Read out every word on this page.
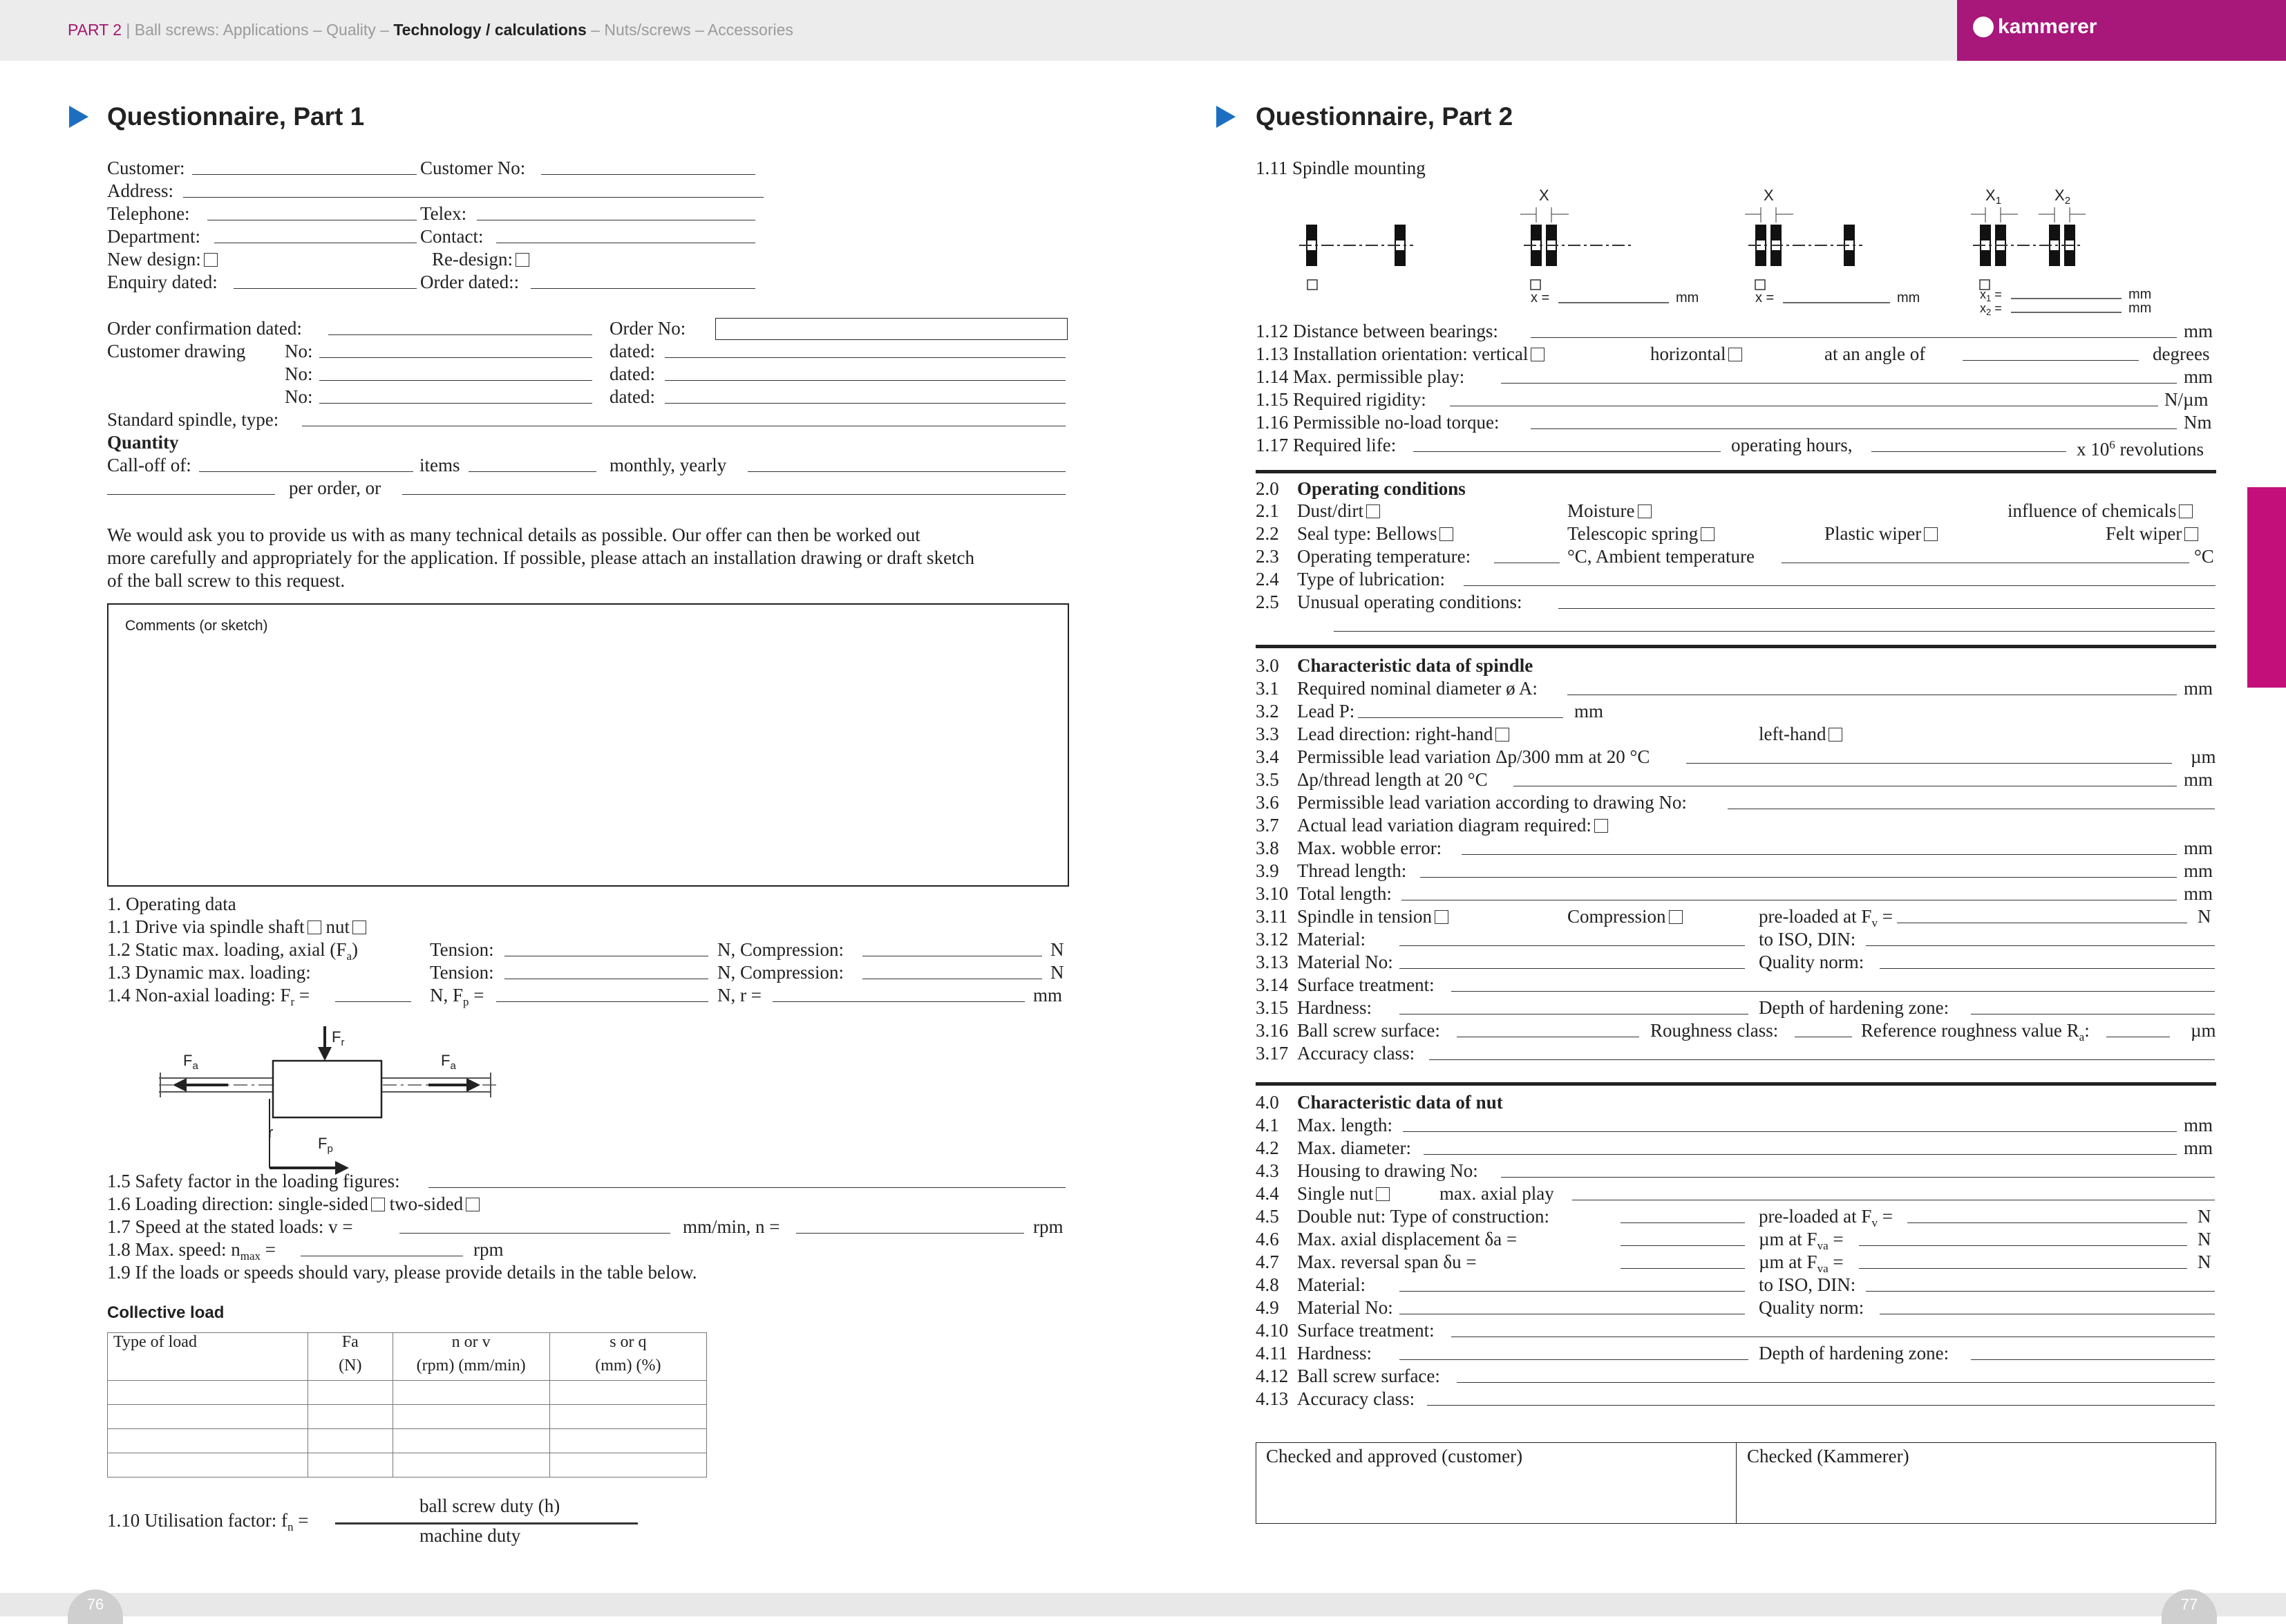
PART 2 | Ball screws: Applications – Quality – Technology / calculations – Nuts/screws – Accessories	kammerer
76	77
Questionnaire, Part 1
Customer:	Customer No:
Address:
Telephone:	Telex:
Department:	Contact:
New design:	Re-design:
Enquiry dated:	Order dated::
Order confirmation dated:	Order No:
Customer drawing No:	dated:
No:	dated:
No:	dated:
Standard spindle, type:
Quantity
Call-off of:	items	monthly, yearly
per order, or
We would ask you to provide us with as many technical details as possible. Our offer can then be worked out
more carefully and appropriately for the application. If possible, please attach an installation drawing or draft sketch
of the ball screw to this request.
Comments (or sketch)
1. Operating data
1.1 Drive via spindle shaft nut
1.2 Static max. loading, axial $(F_a)$	Tension:	N, Compression:	N
1.3 Dynamic max. loading:	Tension:	N, Compression:	N
1.4 Non-axial loading: $F_r$ =	N, $F_p$ =	N, r =	mm
$F_a$	$F_a$
$F_r$
r
$F_p$
1.5 Safety factor in the loading figures:
1.6 Loading direction: single-sided two-sided
1.7 Speed at the stated loads: v =	mm/min, n =	rpm
1.8 Max. speed: $n_{max}$ =	rpm
1.9 If the loads or speeds should vary, please provide details in the table below.
Collective load
Type of load	Fa	n or v	s or q
	(N)	(rpm) (mm/min)	(mm) (%)

1.10 Utilisation factor: $f_n$ =
ball screw duty (h)
machine duty
Questionnaire, Part 2
1.11 Spindle mounting
X
x =	mm
X
x =	mm
$X_1$	$X_2$
$x_1$ =
$x_2$ =
mm
mm
1.12 Distance between bearings:	mm
1.13 Installation orientation: vertical	horizontal	at an angle of	degrees
1.14 Max. permissible play:	mm
1.15 Required rigidity:	N/µm
1.16 Permissible no-load torque:	Nm
1.17 Required life:	operating hours,	x $10^6$ revolutions
2.0 Operating conditions
2.1 Dust/dirt	Moisture	influence of chemicals
2.2 Seal type: Bellows	Telescopic spring	Plastic wiper	Felt wiper
2.3 Operating temperature:	°C, Ambient temperature	°C
2.4 Type of lubrication:
2.5 Unusual operating conditions:
3.0 Characteristic data of spindle
4.0 Characteristic data of nut
Checked and approved (customer)	Checked (Kammerer)
3.1 Required nominal diameter ø A:	mm
3.2 Lead P:	mm
3.3 Lead direction: right-hand	left-hand
3.4 Permissible lead variation Δp/300 mm at 20 °C	µm
3.5 Δp/thread length at 20 °C	mm
3.6 Permissible lead variation according to drawing No:
3.7 Actual lead variation diagram required:
3.8 Max. wobble error:	mm
3.9 Thread length:	mm
3.10 Total length:	mm
3.11 Spindle in tension	Compression	pre-loaded at $F_v$ =	N
3.12 Material:	to ISO, DIN:
3.13 Material No:	Quality norm:
3.14 Surface treatment:
3.15 Hardness:	Depth of hardening zone:
3.16 Ball screw surface:	Roughness class:	Reference roughness value $R_a$:	µm
3.17 Accuracy class:
4.1 Max. length:	mm
4.2 Max. diameter:	mm
4.3 Housing to drawing No:
4.4 Single nut	max. axial play
4.5 Double nut: Type of construction:	pre-loaded at $F_v$ =	N
4.6 Max. axial displacement δa =	µm at $F_{va}$ =	N
4.7 Max. reversal span δu =	µm at $F_{va}$ =	N
4.8 Material:	to ISO, DIN:
4.9 Material No:	Quality norm:
4.10 Surface treatment:
4.11 Hardness:	Depth of hardening zone:
4.12 Ball screw surface:
4.13 Accuracy class:
